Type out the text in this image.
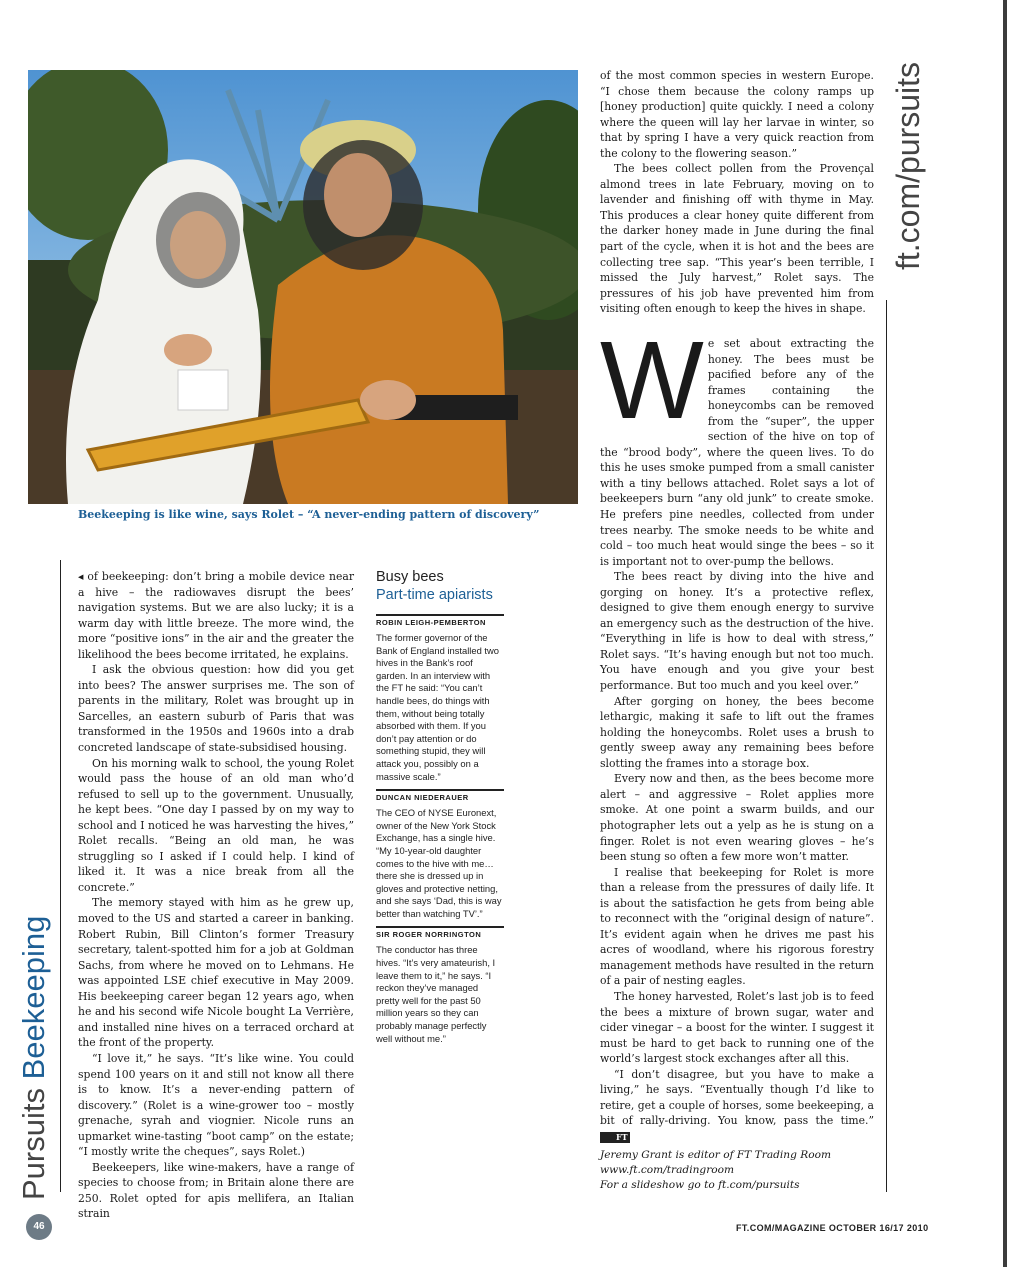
Beekeeping is like wine, says Rolet – “A never-ending pattern of discovery”
Pursuits Beekeeping
ft.com/pursuits

◂ of beekeeping: don’t bring a mobile device near a hive – the radiowaves disrupt the bees’ navigation systems. But we are also lucky; it is a warm day with little breeze. The more wind, the more “positive ions” in the air and the greater the likelihood the bees become irritated, he explains.

I ask the obvious question: how did you get into bees? The answer surprises me. The son of parents in the military, Rolet was brought up in Sarcelles, an eastern suburb of Paris that was transformed in the 1950s and 1960s into a drab concreted landscape of state-subsidised housing.

On his morning walk to school, the young Rolet would pass the house of an old man who’d refused to sell up to the government. Unusually, he kept bees. “One day I passed by on my way to school and I noticed he was harvesting the hives,” Rolet recalls. “Being an old man, he was struggling so I asked if I could help. I kind of liked it. It was a nice break from all the concrete.”

The memory stayed with him as he grew up, moved to the US and started a career in banking. Robert Rubin, Bill Clinton’s former Treasury secretary, talent-spotted him for a job at Goldman Sachs, from where he moved on to Lehmans. He was appointed LSE chief executive in May 2009. His beekeeping career began 12 years ago, when he and his second wife Nicole bought La Verrière, and installed nine hives on a terraced orchard at the front of the property.

“I love it,” he says. “It’s like wine. You could spend 100 years on it and still not know all there is to know. It’s a never-ending pattern of discovery.” (Rolet is a wine-grower too – mostly grenache, syrah and viognier. Nicole runs an upmarket wine-tasting “boot camp” on the estate; “I mostly write the cheques”, says Rolet.)

Beekeepers, like wine-makers, have a range of species to choose from; in Britain alone there are 250. Rolet opted for apis mellifera, an Italian strain

Busy bees
Part-time apiarists
ROBIN LEIGH-PEMBERTON
The former governor of the Bank of England installed two hives in the Bank’s roof garden. In an interview with the FT he said: “You can’t handle bees, do things with them, without being totally absorbed with them. If you don’t pay attention or do something stupid, they will attack you, possibly on a massive scale.”
DUNCAN NIEDERAUER
The CEO of NYSE Euronext, owner of the New York Stock Exchange, has a single hive. “My 10-year-old daughter comes to the hive with me… there she is dressed up in gloves and protective netting, and she says ‘Dad, this is way better than watching TV’.”
SIR ROGER NORRINGTON
The conductor has three hives. “It’s very amateurish, I leave them to it,” he says. “I reckon they’ve managed pretty well for the past 50 million years so they can probably manage perfectly well without me.”

of the most common species in western Europe. “I chose them because the colony ramps up [honey production] quite quickly. I need a colony where the queen will lay her larvae in winter, so that by spring I have a very quick reaction from the colony to the flowering season.”

The bees collect pollen from the Provençal almond trees in late February, moving on to lavender and finishing off with thyme in May. This produces a clear honey quite different from the darker honey made in June during the final part of the cycle, when it is hot and the bees are collecting tree sap. “This year’s been terrible, I missed the July harvest,” Rolet says. The pressures of his job have prevented him from visiting often enough to keep the hives in shape.

We set about extracting the honey. The bees must be pacified before any of the frames containing the honeycombs can be removed from the “super”, the upper section of the hive on top of the “brood body”, where the queen lives. To do this he uses smoke pumped from a small canister with a tiny bellows attached. Rolet says a lot of beekeepers burn “any old junk” to create smoke. He prefers pine needles, collected from under trees nearby. The smoke needs to be white and cold – too much heat would singe the bees – so it is important not to over-pump the bellows.

The bees react by diving into the hive and gorging on honey. It’s a protective reflex, designed to give them enough energy to survive an emergency such as the destruction of the hive. “Everything in life is how to deal with stress,” Rolet says. “It’s having enough but not too much. You have enough and you give your best performance. But too much and you keel over.”

After gorging on honey, the bees become lethargic, making it safe to lift out the frames holding the honeycombs. Rolet uses a brush to gently sweep away any remaining bees before slotting the frames into a storage box.

Every now and then, as the bees become more alert – and aggressive – Rolet applies more smoke. At one point a swarm builds, and our photographer lets out a yelp as he is stung on a finger. Rolet is not even wearing gloves – he’s been stung so often a few more won’t matter.

I realise that beekeeping for Rolet is more than a release from the pressures of daily life. It is about the satisfaction he gets from being able to reconnect with the “original design of nature”. It’s evident again when he drives me past his acres of woodland, where his rigorous forestry management methods have resulted in the return of a pair of nesting eagles.

The honey harvested, Rolet’s last job is to feed the bees a mixture of brown sugar, water and cider vinegar – a boost for the winter. I suggest it must be hard to get back to running one of the world’s largest stock exchanges after all this.

“I don’t disagree, but you have to make a living,” he says. “Eventually though I’d like to retire, get a couple of horses, some beekeeping, a bit of rally-driving. You know, pass the time.” FT

Jeremy Grant is editor of FT Trading Room
www.ft.com/tradingroom
For a slideshow go to ft.com/pursuits
46	FT.COM/MAGAZINE OCTOBER 16/17 2010
